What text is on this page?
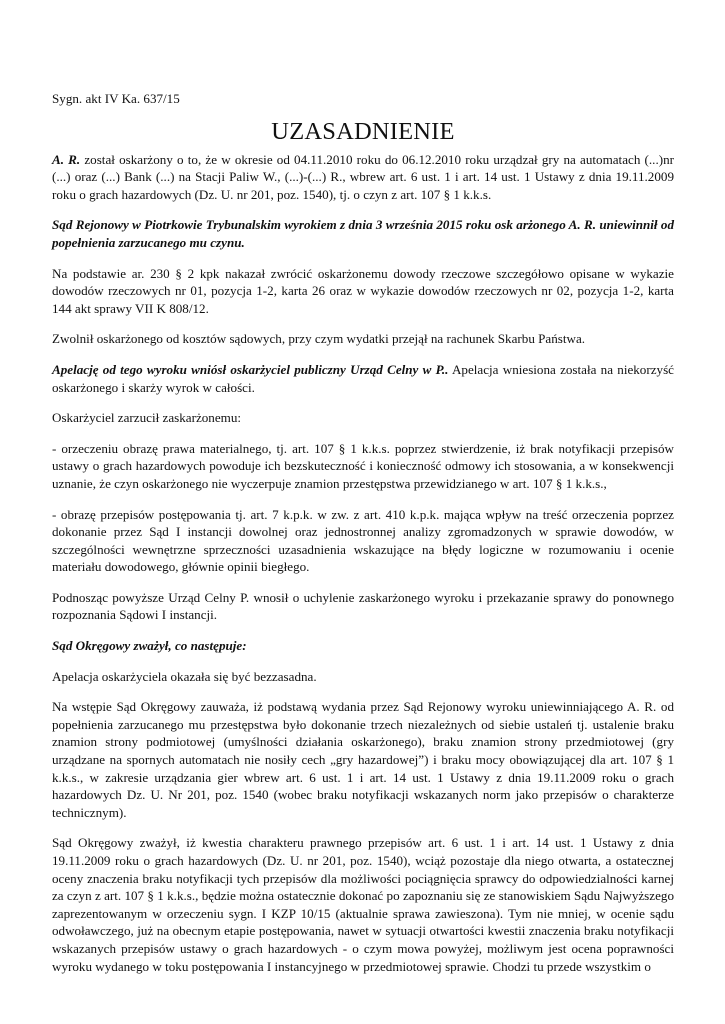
Sygn. akt IV Ka. 637/15
UZASADNIENIE

A. R. został oskarżony o to, że w okresie od 04.11.2010 roku do 06.12.2010 roku urządzał gry na automatach (...)nr (...) oraz (...) Bank (...) na Stacji Paliw W., (...)-(...) R., wbrew art. 6 ust. 1 i art. 14 ust. 1 Ustawy z dnia 19.11.2009 roku o grach hazardowych (Dz. U. nr 201, poz. 1540), tj. o czyn z art. 107 § 1 k.k.s.

Sąd Rejonowy w Piotrkowie Trybunalskim wyrokiem z dnia 3 września 2015 roku osk arżonego A. R. uniewinnił od popełnienia zarzucanego mu czynu.

Na podstawie ar. 230 § 2 kpk nakazał zwrócić oskarżonemu dowody rzeczowe szczegółowo opisane w wykazie dowodów rzeczowych nr 01, pozycja 1-2, karta 26 oraz w wykazie dowodów rzeczowych nr 02, pozycja 1-2, karta 144 akt sprawy VII K 808/12.

Zwolnił oskarżonego od kosztów sądowych, przy czym wydatki przejął na rachunek Skarbu Państwa.

Apelację od tego wyroku wniósł oskarżyciel publiczny Urząd Celny w P.. Apelacja wniesiona została na niekorzyść oskarżonego i skarży wyrok w całości.

Oskarżyciel zarzucił zaskarżonemu:

- orzeczeniu obrazę prawa materialnego, tj. art. 107 § 1 k.k.s. poprzez stwierdzenie, iż brak notyfikacji przepisów ustawy o grach hazardowych powoduje ich bezskuteczność i konieczność odmowy ich stosowania, a w konsekwencji uznanie, że czyn oskarżonego nie wyczerpuje znamion przestępstwa przewidzianego w art. 107 § 1 k.k.s.,

- obrazę przepisów postępowania tj. art. 7 k.p.k. w zw. z art. 410 k.p.k. mająca wpływ na treść orzeczenia poprzez dokonanie przez Sąd I instancji dowolnej oraz jednostronnej analizy zgromadzonych w sprawie dowodów, w szczególności wewnętrzne sprzeczności uzasadnienia wskazujące na błędy logiczne w rozumowaniu i ocenie materiału dowodowego, głównie opinii biegłego.

Podnosząc powyższe Urząd Celny P. wnosił o uchylenie zaskarżonego wyroku i przekazanie sprawy do ponownego rozpoznania Sądowi I instancji.

Sąd Okręgowy zważył, co następuje:

Apelacja oskarżyciela okazała się być bezzasadna.

Na wstępie Sąd Okręgowy zauważa, iż podstawą wydania przez Sąd Rejonowy wyroku uniewinniającego A. R. od popełnienia zarzucanego mu przestępstwa było dokonanie trzech niezależnych od siebie ustaleń tj. ustalenie braku znamion strony podmiotowej (umyślności działania oskarżonego), braku znamion strony przedmiotowej (gry urządzane na spornych automatach nie nosiły cech „gry hazardowej”) i braku mocy obowiązującej dla art. 107 § 1 k.k.s., w zakresie urządzania gier wbrew art. 6 ust. 1 i art. 14 ust. 1 Ustawy z dnia 19.11.2009 roku o grach hazardowych Dz. U. Nr 201, poz. 1540 (wobec braku notyfikacji wskazanych norm jako przepisów o charakterze technicznym).

Sąd Okręgowy zważył, iż kwestia charakteru prawnego przepisów art. 6 ust. 1 i art. 14 ust. 1 Ustawy z dnia 19.11.2009 roku o grach hazardowych (Dz. U. nr 201, poz. 1540), wciąż pozostaje dla niego otwarta, a ostatecznej oceny znaczenia braku notyfikacji tych przepisów dla możliwości pociągnięcia sprawcy do odpowiedzialności karnej za czyn z art. 107 § 1 k.k.s., będzie można ostatecznie dokonać po zapoznaniu się ze stanowiskiem Sądu Najwyższego zaprezentowanym w orzeczeniu sygn. I KZP 10/15 (aktualnie sprawa zawieszona). Tym nie mniej, w ocenie sądu odwoławczego, już na obecnym etapie postępowania, nawet w sytuacji otwartości kwestii znaczenia braku notyfikacji wskazanych przepisów ustawy o grach hazardowych - o czym mowa powyżej, możliwym jest ocena poprawności wyroku wydanego w toku postępowania I instancyjnego w przedmiotowej sprawie. Chodzi tu przede wszystkim o
